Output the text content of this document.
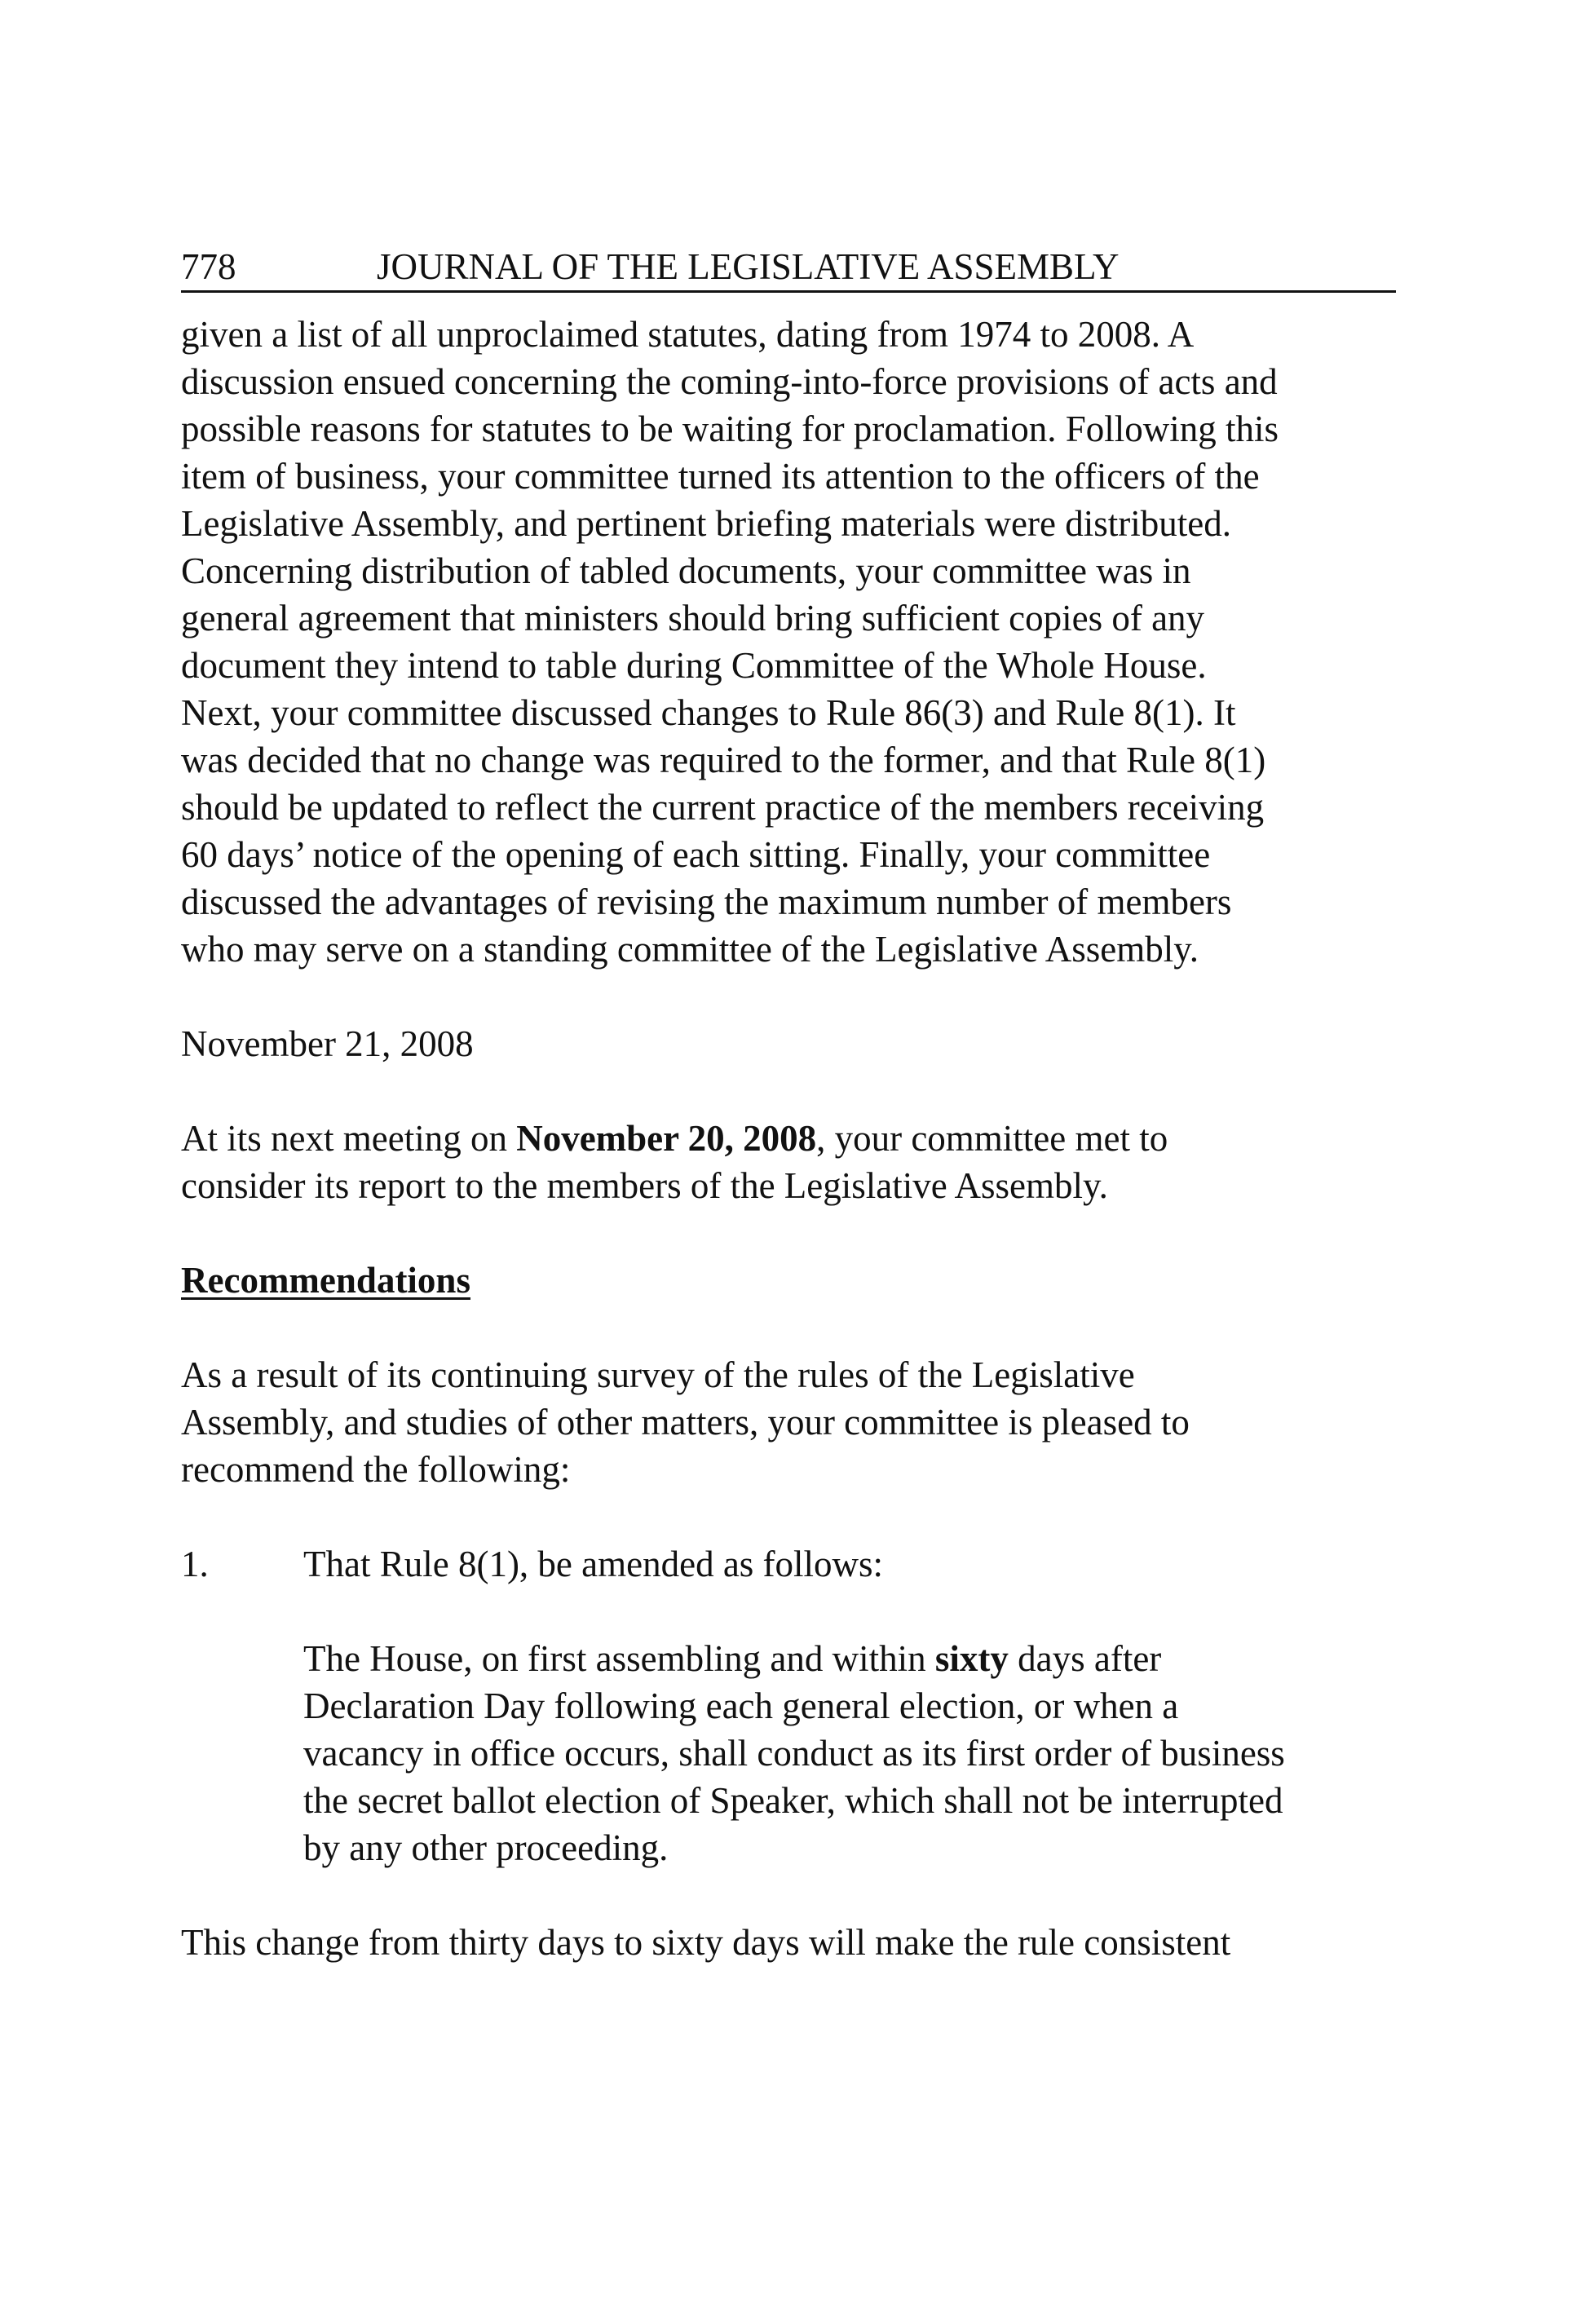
778	JOURNAL OF THE LEGISLATIVE ASSEMBLY
given a list of all unproclaimed statutes, dating from 1974 to 2008. A
discussion ensued concerning the coming-into-force provisions of acts and
possible reasons for statutes to be waiting for proclamation. Following this
item of business, your committee turned its attention to the officers of the
Legislative Assembly, and pertinent briefing materials were distributed.
Concerning distribution of tabled documents, your committee was in
general agreement that ministers should bring sufficient copies of any
document they intend to table during Committee of the Whole House.
Next, your committee discussed changes to Rule 86(3) and Rule 8(1). It
was decided that no change was required to the former, and that Rule 8(1)
should be updated to reflect the current practice of the members receiving
60 days’ notice of the opening of each sitting. Finally, your committee
discussed the advantages of revising the maximum number of members
who may serve on a standing committee of the Legislative Assembly.
November 21, 2008
At its next meeting on November 20, 2008, your committee met to
consider its report to the members of the Legislative Assembly.
Recommendations
As a result of its continuing survey of the rules of the Legislative
Assembly, and studies of other matters, your committee is pleased to
recommend the following:
1.	That Rule 8(1), be amended as follows:
The House, on first assembling and within sixty days after
Declaration Day following each general election, or when a
vacancy in office occurs, shall conduct as its first order of business
the secret ballot election of Speaker, which shall not be interrupted
by any other proceeding.
This change from thirty days to sixty days will make the rule consistent
